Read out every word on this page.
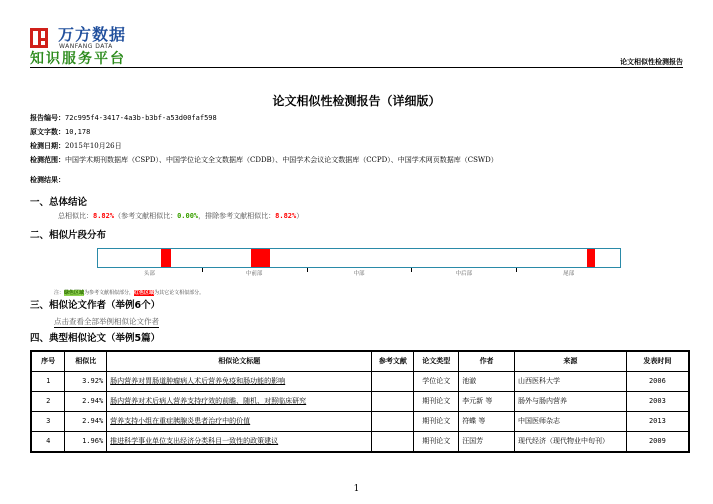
万方数据
WANFANG DATA
知识服务平台	论文相似性检测报告
论文相似性检测报告（详细版）
报告编号：72c995f4-3417-4a3b-b3bf-a53d00faf598
原文字数：10,178
检测日期：2015年10月26日
检测范围：中国学术期刊数据库（CSPD）、中国学位论文全文数据库（CDDB）、中国学术会议论文数据库（CCPD）、中国学术网页数据库（CSWD）
检测结果：
一、总体结论
总相似比：8.82%（参考文献相似比：0.00%，排除参考文献相似比：8.82%）
二、相似片段分布
头部	中前部	中部	中后部	尾部
注：绿色区域为参考文献相似部分，红色区域为其它论文相似部分。
三、相似论文作者（举例6个）
点击查看全部举例相似论文作者
四、典型相似论文（举例5篇）
序号	相似比	相似论文标题	参考文献	论文类型	作者	来源	发表时间
1	3.92%	肠内营养对胃肠道肿瘤病人术后营养免疫和肠功能的影响		学位论文	池澈	山西医科大学	2006
2	2.94%	肠内营养对术后病人营养支持疗效的前瞻、随机、对照临床研究		期刊论文	李元新 等	肠外与肠内营养	2003
3	2.94%	营养支持小组在重症胰腺炎患者治疗中的价值		期刊论文	符蝶 等	中国医师杂志	2013
4	1.96%	推进科学事业单位支出经济分类科目一致性的政策建议		期刊论文	汪国芳	现代经济（现代物业中旬刊）	2009
1
